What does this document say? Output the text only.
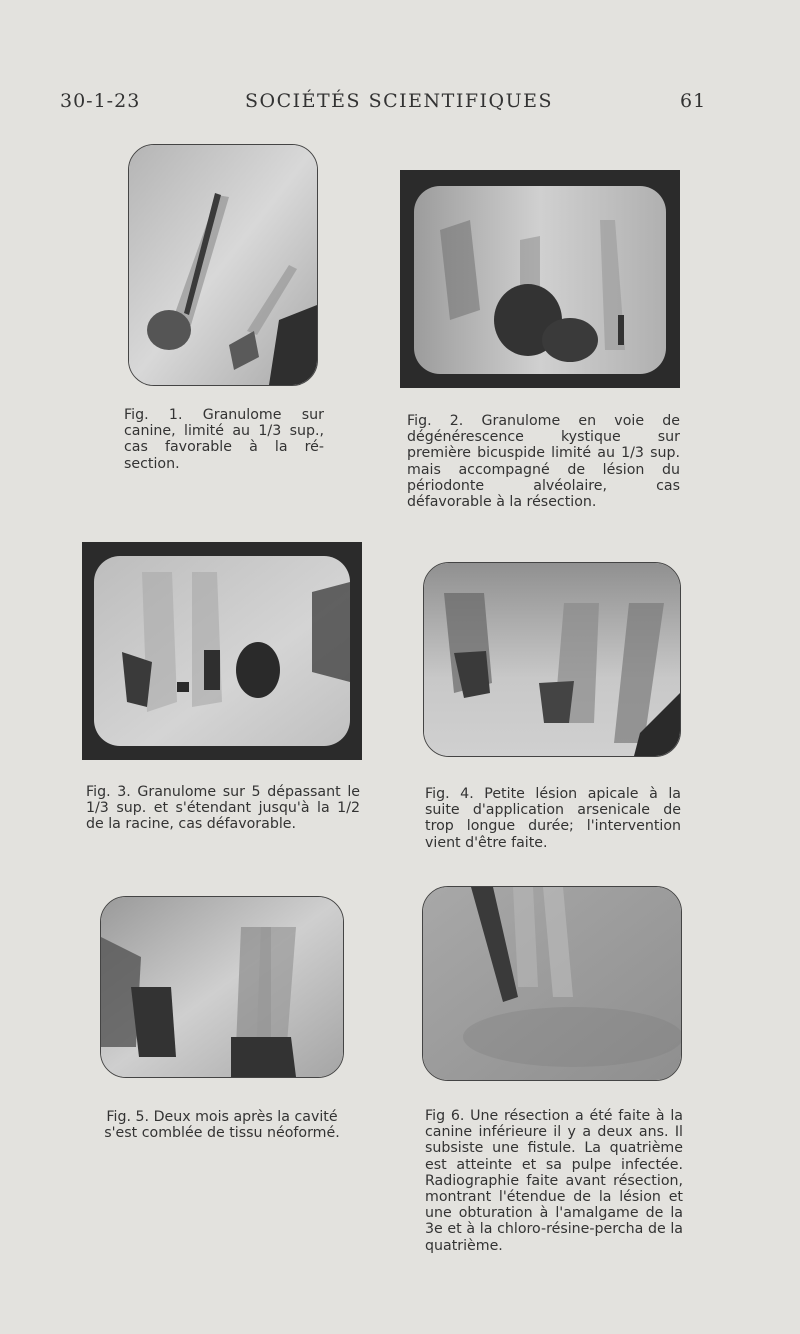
30-1-23	SOCIÉTÉS SCIENTIFIQUES	61
Fig. 1. Granulome sur canine, limité au 1/3 sup., cas favorable à la ré-section.
Fig. 2. Granulome en voie de dégénérescence kystique sur première bicuspide limité au 1/3 sup. mais accompagné de lésion du périodonte alvéolaire, cas défavorable à la résection.
Fig. 3. Granulome sur 5 dépassant le 1/3 sup. et s'étendant jusqu'à la 1/2 de la racine, cas défavorable.
Fig. 4. Petite lésion apicale à la suite d'application arsenicale de trop longue durée; l'intervention vient d'être faite.
Fig. 5. Deux mois après la cavité s'est comblée de tissu néoformé.
Fig 6. Une résection a été faite à la canine inférieure il y a deux ans. Il subsiste une fistule. La quatrième est atteinte et sa pulpe infectée. Radiographie faite avant résection, montrant l'étendue de la lésion et une obturation à l'amalgame de la 3e et à la chloro-résine-percha de la quatrième.
